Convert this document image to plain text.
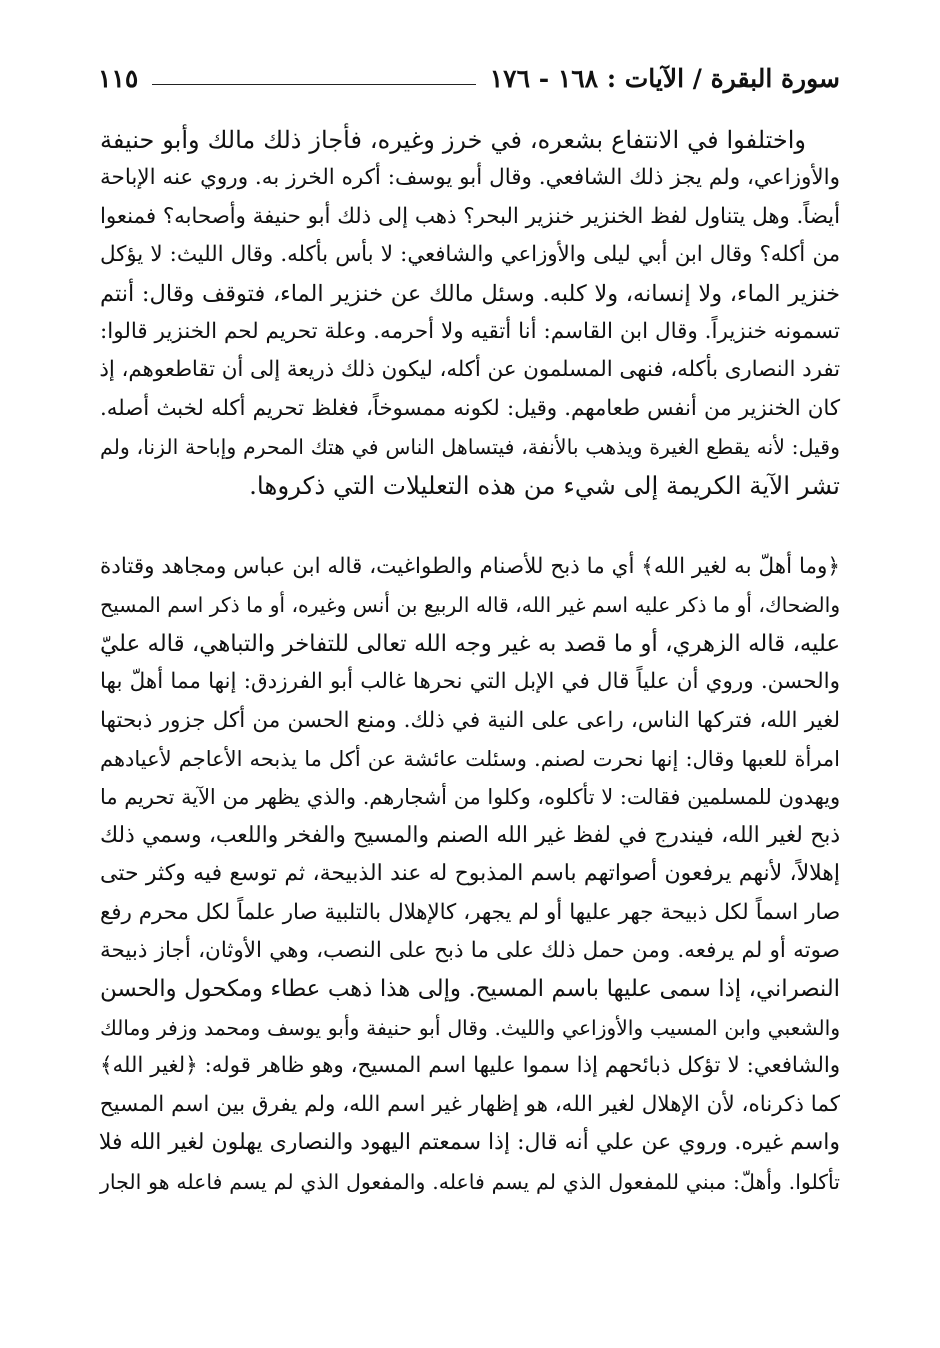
سورة البقرة / الآيات : ١٦٨ - ١٧٦
١١٥
واختلفوا في الانتفاع بشعره، في خرز وغيره، فأجاز ذلك مالك وأبو حنيفة
والأوزاعي، ولم يجز ذلك الشافعي. وقال أبو يوسف: أكره الخرز به. وروي عنه الإباحة
أيضاً. وهل يتناول لفظ الخنزير خنزير البحر؟ ذهب إلى ذلك أبو حنيفة وأصحابه؟ فمنعوا
من أكله؟ وقال ابن أبي ليلى والأوزاعي والشافعي: لا بأس بأكله. وقال الليث: لا يؤكل
خنزير الماء، ولا إنسانه، ولا كلبه. وسئل مالك عن خنزير الماء، فتوقف وقال: أنتم
تسمونه خنزيراً. وقال ابن القاسم: أنا أتقيه ولا أحرمه. وعلة تحريم لحم الخنزير قالوا:
تفرد النصارى بأكله، فنهى المسلمون عن أكله، ليكون ذلك ذريعة إلى أن تقاطعوهم، إذ
كان الخنزير من أنفس طعامهم. وقيل: لكونه ممسوخاً، فغلظ تحريم أكله لخبث أصله.
وقيل: لأنه يقطع الغيرة ويذهب بالأنفة، فيتساهل الناس في هتك المحرم وإباحة الزنا، ولم
تشر الآية الكريمة إلى شيء من هذه التعليلات التي ذكروها.
﴿وما أهلّ به لغير الله﴾ أي ما ذبح للأصنام والطواغيت، قاله ابن عباس ومجاهد وقتادة
والضحاك، أو ما ذكر عليه اسم غير الله، قاله الربيع بن أنس وغيره، أو ما ذكر اسم المسيح
عليه، قاله الزهري، أو ما قصد به غير وجه الله تعالى للتفاخر والتباهي، قاله عليّ
والحسن. وروي أن علياً قال في الإبل التي نحرها غالب أبو الفرزدق: إنها مما أهلّ بها
لغير الله، فتركها الناس، راعى على النية في ذلك. ومنع الحسن من أكل جزور ذبحتها
امرأة للعبها وقال: إنها نحرت لصنم. وسئلت عائشة عن أكل ما يذبحه الأعاجم لأعيادهم
ويهدون للمسلمين فقالت: لا تأكلوه، وكلوا من أشجارهم. والذي يظهر من الآية تحريم ما
ذبح لغير الله، فيندرج في لفظ غير الله الصنم والمسيح والفخر واللعب، وسمي ذلك
إهلالاً، لأنهم يرفعون أصواتهم باسم المذبوح له عند الذبيحة، ثم توسع فيه وكثر حتى
صار اسماً لكل ذبيحة جهر عليها أو لم يجهر، كالإهلال بالتلبية صار علماً لكل محرم رفع
صوته أو لم يرفعه. ومن حمل ذلك على ما ذبح على النصب، وهي الأوثان، أجاز ذبيحة
النصراني، إذا سمى عليها باسم المسيح. وإلى هذا ذهب عطاء ومكحول والحسن
والشعبي وابن المسيب والأوزاعي والليث. وقال أبو حنيفة وأبو يوسف ومحمد وزفر ومالك
والشافعي: لا تؤكل ذبائحهم إذا سموا عليها اسم المسيح، وهو ظاهر قوله: ﴿لغير الله﴾
كما ذكرناه، لأن الإهلال لغير الله، هو إظهار غير اسم الله، ولم يفرق بين اسم المسيح
واسم غيره. وروي عن علي أنه قال: إذا سمعتم اليهود والنصارى يهلون لغير الله فلا
تأكلوا. وأهلّ: مبني للمفعول الذي لم يسم فاعله. والمفعول الذي لم يسم فاعله هو الجار
